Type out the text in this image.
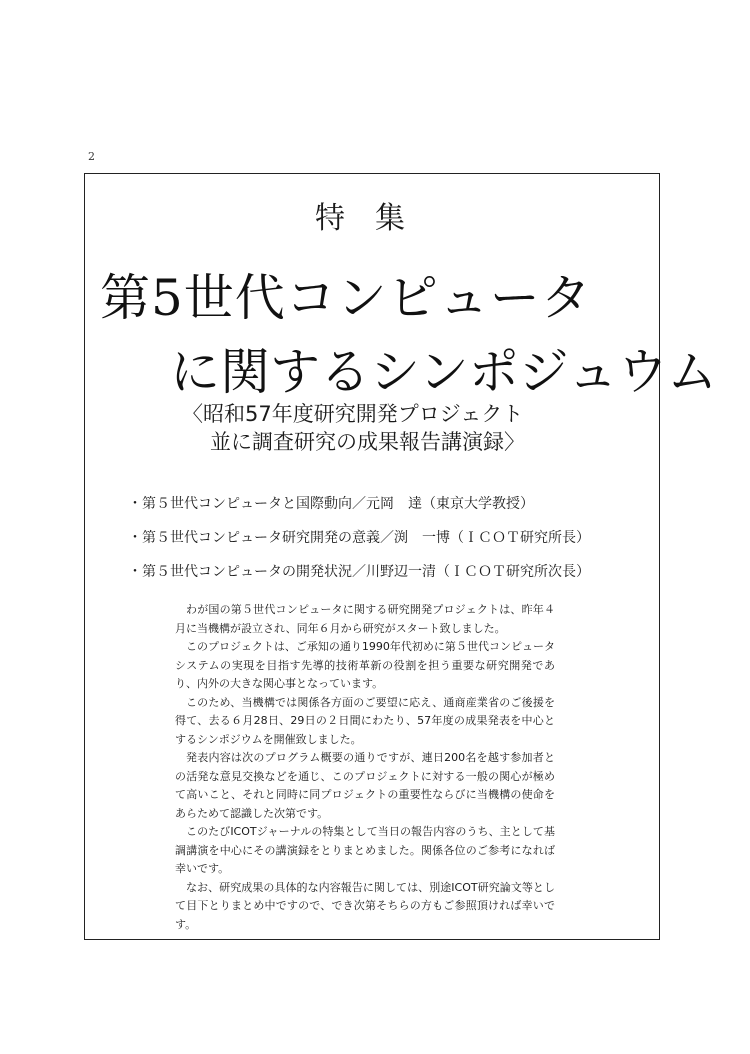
2
特集
第5世代コンピュータ
に関するシンポジュウム
〈昭和57年度研究開発プロジェクト
並に調査研究の成果報告講演録〉
・第５世代コンピュータと国際動向／元岡　達（東京大学教授）
・第５世代コンピュータ研究開発の意義／渕　一博（ＩＣＯＴ研究所長）
・第５世代コンピュータの開発状況／川野辺一清（ＩＣＯＴ研究所次長）

わが国の第５世代コンピュータに関する研究開発プロジェクトは、昨年４月に当機構が設立され、同年６月から研究がスタート致しました。

このプロジェクトは、ご承知の通り1990年代初めに第５世代コンピュータシステムの実現を目指す先導的技術革新の役割を担う重要な研究開発であり、内外の大きな関心事となっています。

このため、当機構では関係各方面のご要望に応え、通商産業省のご後援を得て、去る６月28日、29日の２日間にわたり、57年度の成果発表を中心とするシンポジウムを開催致しました。

発表内容は次のプログラム概要の通りですが、連日200名を越す参加者との活発な意見交換などを通じ、このプロジェクトに対する一般の関心が極めて高いこと、それと同時に同プロジェクトの重要性ならびに当機構の使命をあらためて認識した次第です。

このたびICOTジャーナルの特集として当日の報告内容のうち、主として基調講演を中心にその講演録をとりまとめました。関係各位のご参考になれば幸いです。

なお、研究成果の具体的な内容報告に関しては、別途ICOT研究論文等として目下とりまとめ中ですので、でき次第そちらの方もご参照頂ければ幸いです。
